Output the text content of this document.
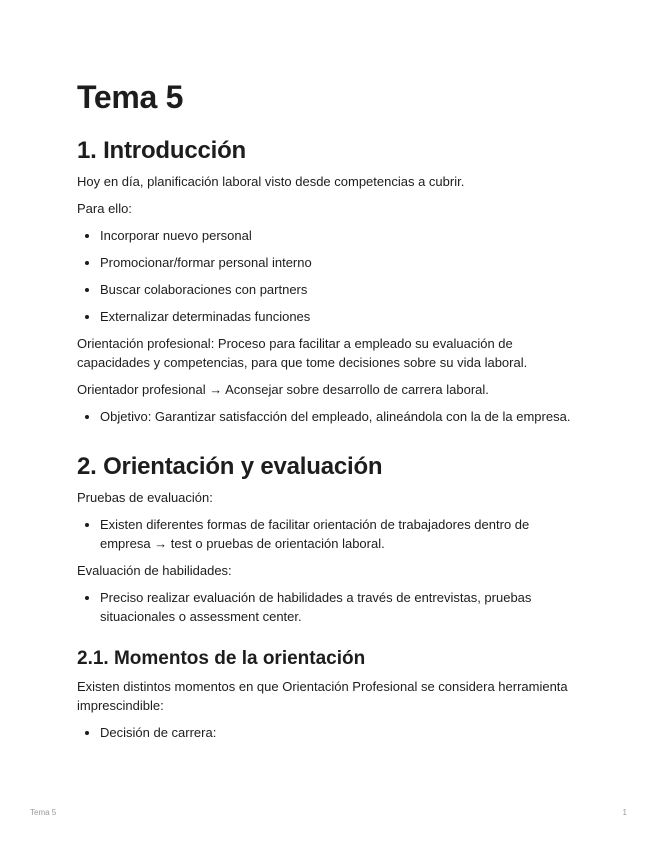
Tema 5
1. Introducción

Hoy en día, planificación laboral visto desde competencias a cubrir.

Para ello:

• Incorporar nuevo personal
• Promocionar/formar personal interno
• Buscar colaboraciones con partners
• Externalizar determinadas funciones

Orientación profesional: Proceso para facilitar a empleado su evaluación de capacidades y competencias, para que tome decisiones sobre su vida laboral.

Orientador profesional → Aconsejar sobre desarrollo de carrera laboral.

• Objetivo: Garantizar satisfacción del empleado, alineándola con la de la empresa.
2. Orientación y evaluación

Pruebas de evaluación:

• Existen diferentes formas de facilitar orientación de trabajadores dentro de empresa → test o pruebas de orientación laboral.

Evaluación de habilidades:

• Preciso realizar evaluación de habilidades a través de entrevistas, pruebas situacionales o assessment center.
2.1. Momentos de la orientación

Existen distintos momentos en que Orientación Profesional se considera herramienta imprescindible:

• Decisión de carrera:
Tema 5	1
